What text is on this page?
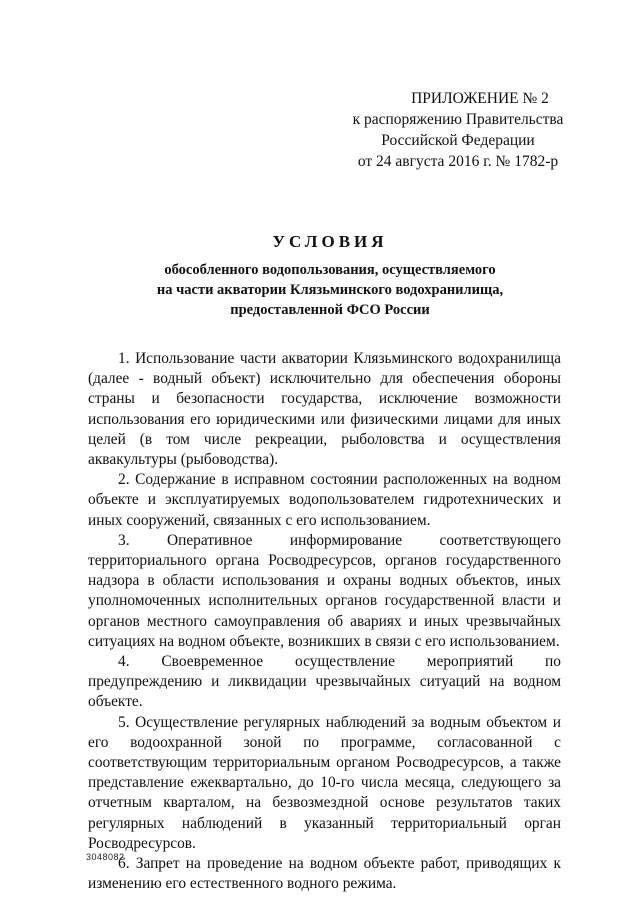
ПРИЛОЖЕНИЕ № 2
к распоряжению Правительства
Российской Федерации
от 24 августа 2016 г. № 1782-р
УСЛОВИЯ
обособленного водопользования, осуществляемого
на части акватории Клязьминского водохранилища,
предоставленной ФСО России

1. Использование части акватории Клязьминского водохранилища (далее - водный объект) исключительно для обеспечения обороны страны и безопасности государства, исключение возможности использования его юридическими или физическими лицами для иных целей (в том числе рекреации, рыболовства и осуществления аквакультуры (рыбоводства).

2. Содержание в исправном состоянии расположенных на водном объекте и эксплуатируемых водопользователем гидротехнических и иных сооружений, связанных с его использованием.

3. Оперативное информирование соответствующего территориального органа Росводресурсов, органов государственного надзора в области использования и охраны водных объектов, иных уполномоченных исполнительных органов государственной власти и органов местного самоуправления об авариях и иных чрезвычайных ситуациях на водном объекте, возникших в связи с его использованием.

4. Своевременное осуществление мероприятий по предупреждению и ликвидации чрезвычайных ситуаций на водном объекте.

5. Осуществление регулярных наблюдений за водным объектом и его водоохранной зоной по программе, согласованной с соответствующим территориальным органом Росводресурсов, а также представление ежеквартально, до 10-го числа месяца, следующего за отчетным кварталом, на безвозмездной основе результатов таких регулярных наблюдений в указанный территориальный орган Росводресурсов.

6. Запрет на проведение на водном объекте работ, приводящих к изменению его естественного водного режима.

3048082
